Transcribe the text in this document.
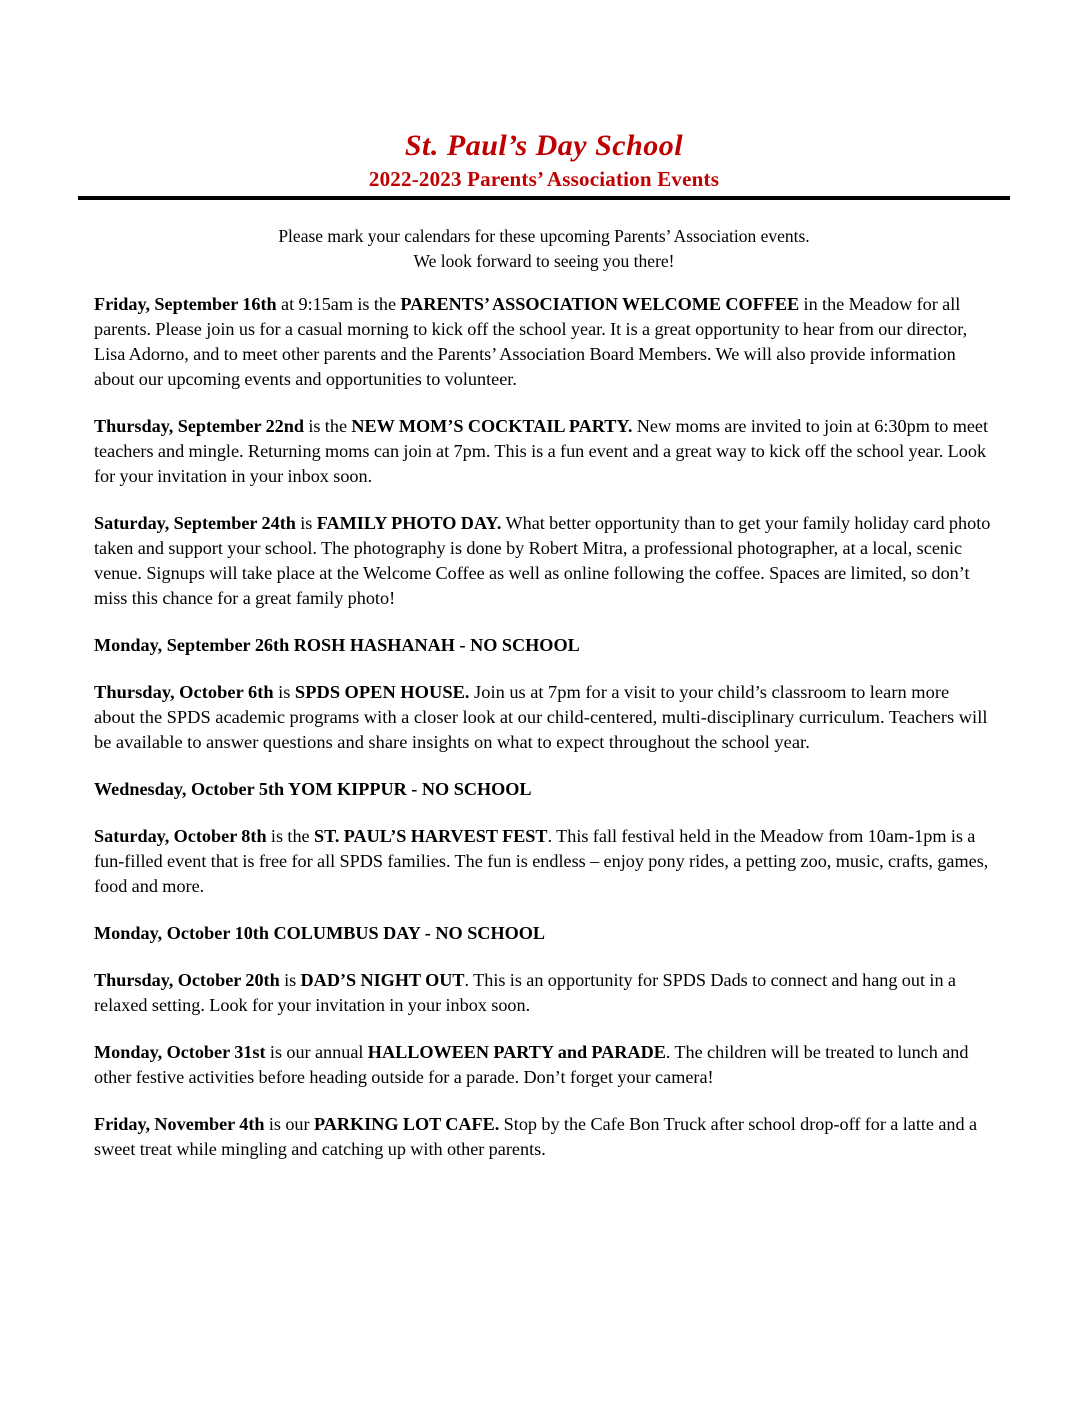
St. Paul’s Day School
2022-2023 Parents’ Association Events
Please mark your calendars for these upcoming Parents’ Association events.
We look forward to seeing you there!

Friday, September 16th at 9:15am is the PARENTS’ ASSOCIATION WELCOME COFFEE in the Meadow for all parents. Please join us for a casual morning to kick off the school year. It is a great opportunity to hear from our director, Lisa Adorno, and to meet other parents and the Parents’ Association Board Members. We will also provide information about our upcoming events and opportunities to volunteer.

Thursday, September 22nd is the NEW MOM’S COCKTAIL PARTY. New moms are invited to join at 6:30pm to meet teachers and mingle. Returning moms can join at 7pm. This is a fun event and a great way to kick off the school year. Look for your invitation in your inbox soon.

Saturday, September 24th is FAMILY PHOTO DAY. What better opportunity than to get your family holiday card photo taken and support your school. The photography is done by Robert Mitra, a professional photographer, at a local, scenic venue. Signups will take place at the Welcome Coffee as well as online following the coffee. Spaces are limited, so don’t miss this chance for a great family photo!

Monday, September 26th ROSH HASHANAH - NO SCHOOL

Thursday, October 6th is SPDS OPEN HOUSE. Join us at 7pm for a visit to your child’s classroom to learn more about the SPDS academic programs with a closer look at our child-centered, multi-disciplinary curriculum. Teachers will be available to answer questions and share insights on what to expect throughout the school year.

Wednesday, October 5th YOM KIPPUR - NO SCHOOL

Saturday, October 8th is the ST. PAUL’S HARVEST FEST. This fall festival held in the Meadow from 10am-1pm is a fun-filled event that is free for all SPDS families. The fun is endless – enjoy pony rides, a petting zoo, music, crafts, games, food and more.

Monday, October 10th COLUMBUS DAY - NO SCHOOL

Thursday, October 20th is DAD’S NIGHT OUT. This is an opportunity for SPDS Dads to connect and hang out in a relaxed setting. Look for your invitation in your inbox soon.

Monday, October 31st is our annual HALLOWEEN PARTY and PARADE. The children will be treated to lunch and other festive activities before heading outside for a parade. Don’t forget your camera!

Friday, November 4th is our PARKING LOT CAFE. Stop by the Cafe Bon Truck after school drop-off for a latte and a sweet treat while mingling and catching up with other parents.
